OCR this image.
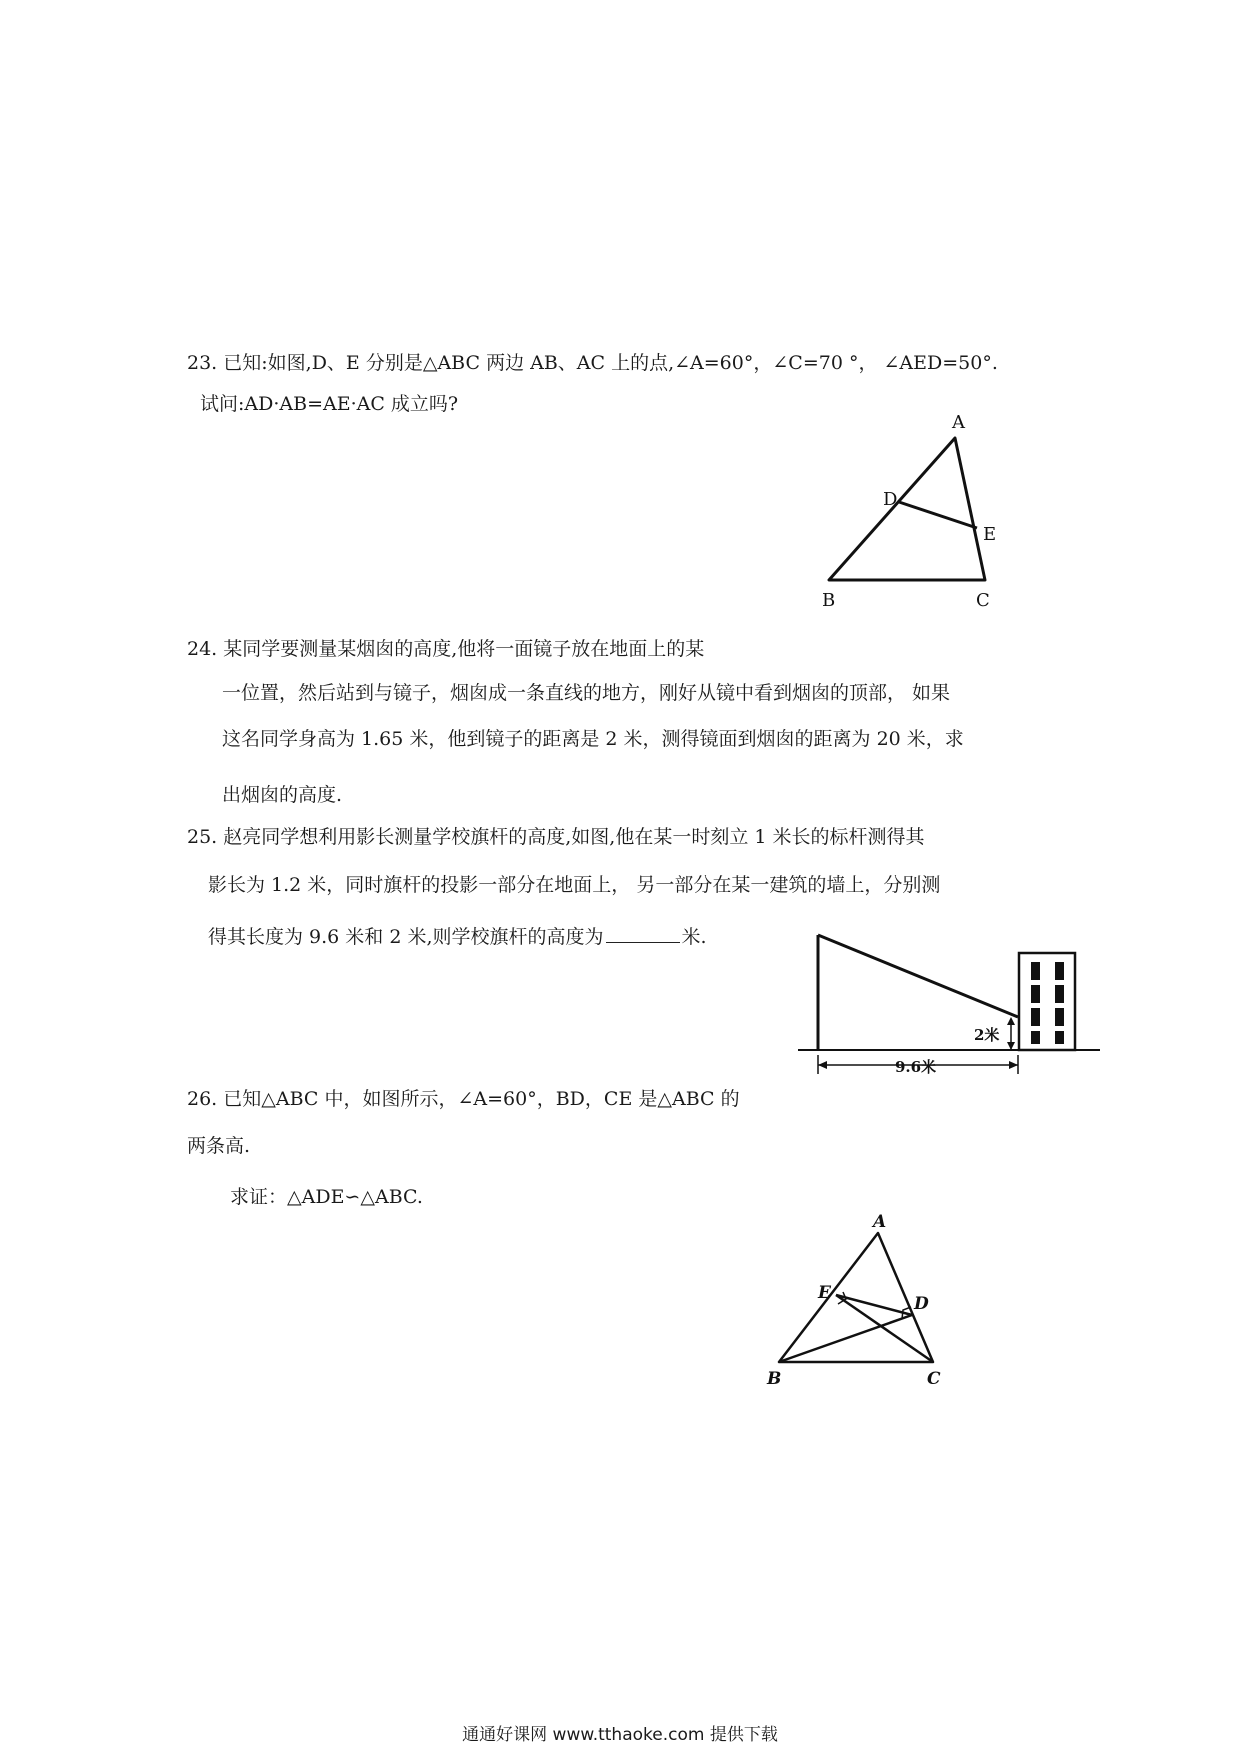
23. 已知:如图,D、E 分别是△ABC 两边 AB、AC 上的点,∠A=60°，∠C=70 °， ∠AED=50°.
试问:AD·AB=AE·AC 成立吗?
A
D
E
B	C
24. 某同学要测量某烟囱的高度,他将一面镜子放在地面上的某
一位置，然后站到与镜子，烟囱成一条直线的地方，刚好从镜中看到烟囱的顶部， 如果
这名同学身高为 1.65 米，他到镜子的距离是 2 米，测得镜面到烟囱的距离为 20 米，求
出烟囱的高度.
25. 赵亮同学想利用影长测量学校旗杆的高度,如图,他在某一时刻立 1 米长的标杆测得其
影长为 1.2 米，同时旗杆的投影一部分在地面上， 另一部分在某一建筑的墙上，分别测
得其长度为 9.6 米和 2 米,则学校旗杆的高度为	米.
2米
9.6米
26. 已知△ABC 中，如图所示，∠A=60°，BD，CE 是△ABC 的
两条高.
求证：△ADE∽△ABC.
A
E
D
B	C
通通好课网 www.tthaoke.com 提供下载
